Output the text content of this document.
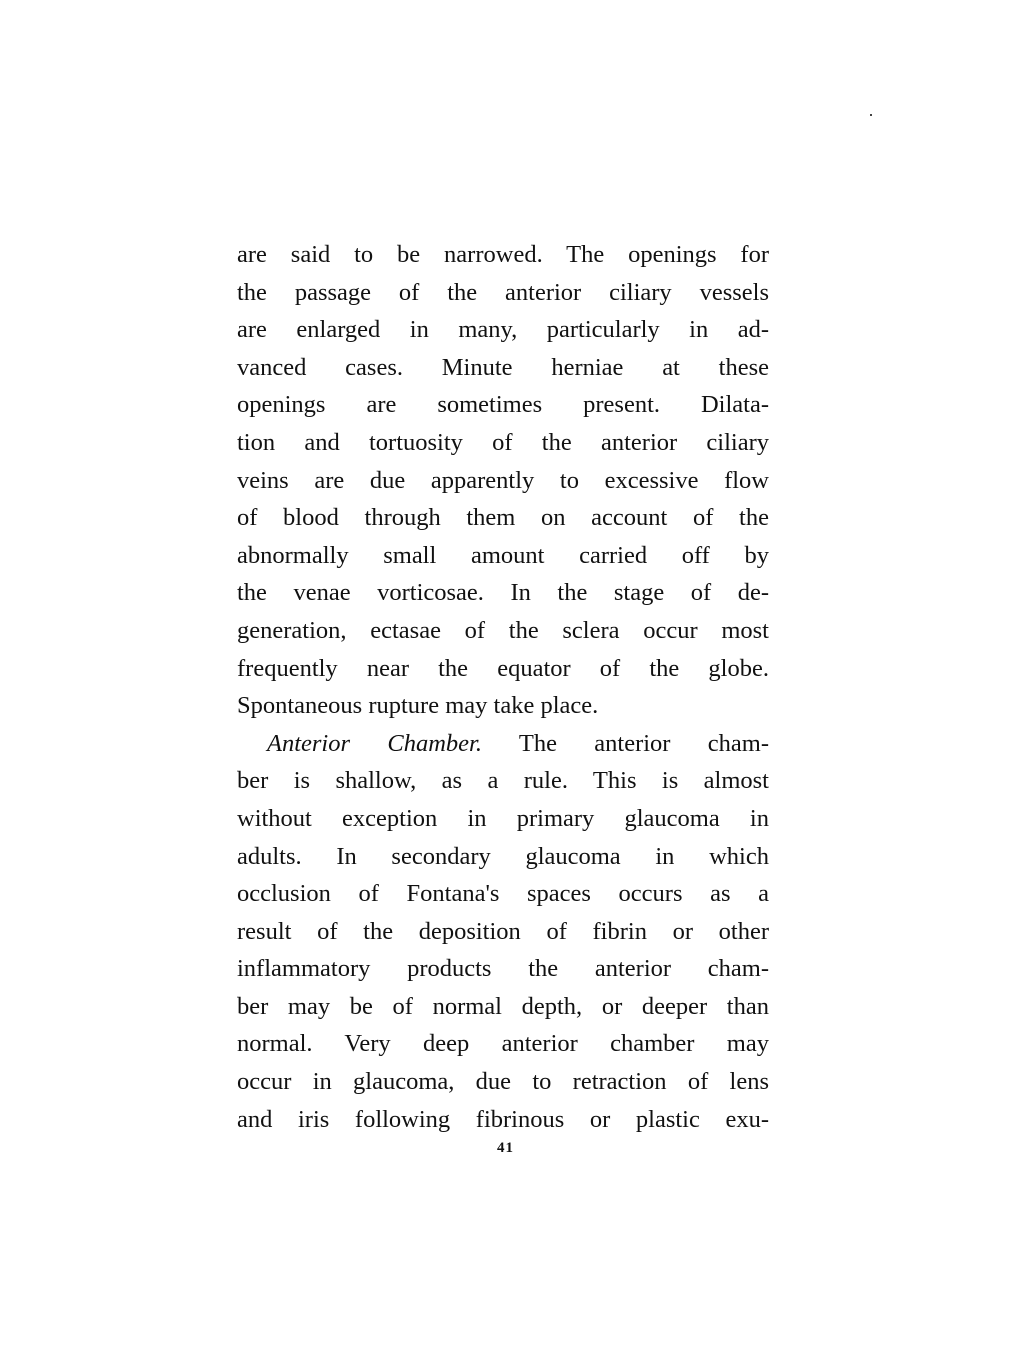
are said to be narrowed. The openings for
the passage of the anterior ciliary vessels
are enlarged in many, particularly in ad-
vanced cases. Minute herniae at these
openings are sometimes present. Dilata-
tion and tortuosity of the anterior ciliary
veins are due apparently to excessive flow
of blood through them on account of the
abnormally small amount carried off by
the venae vorticosae. In the stage of de-
generation, ectasae of the sclera occur most
frequently near the equator of the globe.
Spontaneous rupture may take place.
Anterior Chamber. The anterior cham-
ber is shallow, as a rule. This is almost
without exception in primary glaucoma in
adults. In secondary glaucoma in which
occlusion of Fontana's spaces occurs as a
result of the deposition of fibrin or other
inflammatory products the anterior cham-
ber may be of normal depth, or deeper than
normal. Very deep anterior chamber may
occur in glaucoma, due to retraction of lens
and iris following fibrinous or plastic exu-
41
